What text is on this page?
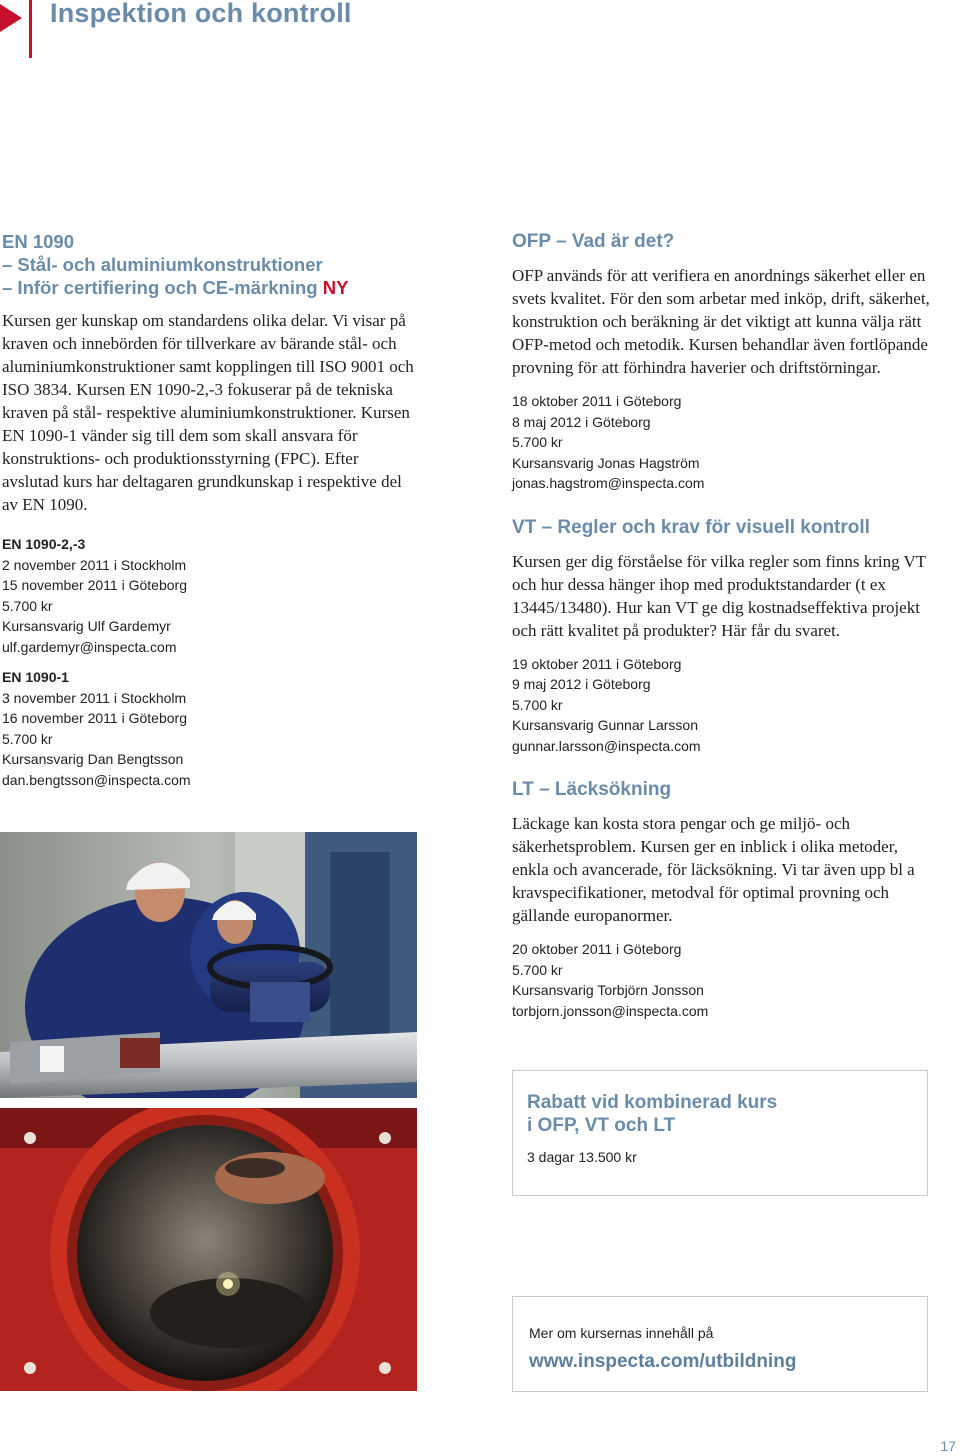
Inspektion och kontroll
EN 1090
– Stål- och aluminiumkonstruktioner
– Inför certifiering och CE-märkning NY

Kursen ger kunskap om standardens olika delar. Vi visar på kraven och innebörden för tillverkare av bärande stål- och aluminiumkonstruktioner samt kopplingen till ISO 9001 och ISO 3834. Kursen EN 1090-2,-3 fokuserar på de tekniska kraven på stål- respektive aluminiumkonstruktioner. Kursen EN 1090-1 vänder sig till dem som skall ansvara för konstruktions- och produktionsstyrning (FPC). Efter avslutad kurs har deltagaren grundkunskap i respektive del av EN 1090.

EN 1090-2,-3
2 november 2011 i Stockholm
15 november 2011 i Göteborg
5.700 kr
Kursansvarig Ulf Gardemyr
ulf.gardemyr@inspecta.com
EN 1090-1
3 november 2011 i Stockholm
16 november 2011 i Göteborg
5.700 kr
Kursansvarig Dan Bengtsson
dan.bengtsson@inspecta.com
OFP – Vad är det?

OFP används för att verifiera en anordnings säkerhet eller en svets kvalitet. För den som arbetar med inköp, drift, säkerhet, konstruktion och beräkning är det viktigt att kunna välja rätt OFP-metod och metodik. Kursen behandlar även fortlöpande provning för att förhindra haverier och driftstörningar.

18 oktober 2011 i Göteborg
8 maj 2012 i Göteborg
5.700 kr
Kursansvarig Jonas Hagström
jonas.hagstrom@inspecta.com
VT – Regler och krav för visuell kontroll

Kursen ger dig förståelse för vilka regler som finns kring VT och hur dessa hänger ihop med produktstandarder (t ex 13445/13480). Hur kan VT ge dig kostnadseffektiva projekt och rätt kvalitet på produkter? Här får du svaret.

19 oktober 2011 i Göteborg
9 maj 2012 i Göteborg
5.700 kr
Kursansvarig Gunnar Larsson
gunnar.larsson@inspecta.com
LT – Läcksökning

Läckage kan kosta stora pengar och ge miljö- och säkerhetsproblem. Kursen ger en inblick i olika metoder, enkla och avancerade, för läcksökning. Vi tar även upp bl a kravspecifikationer, metodval för optimal provning och gällande europanormer.

20 oktober 2011 i Göteborg
5.700 kr
Kursansvarig Torbjörn Jonsson
torbjorn.jonsson@inspecta.com
Rabatt vid kombinerad kurs
i OFP, VT och LT
3 dagar 13.500 kr
Mer om kursernas innehåll på
www.inspecta.com/utbildning
17
